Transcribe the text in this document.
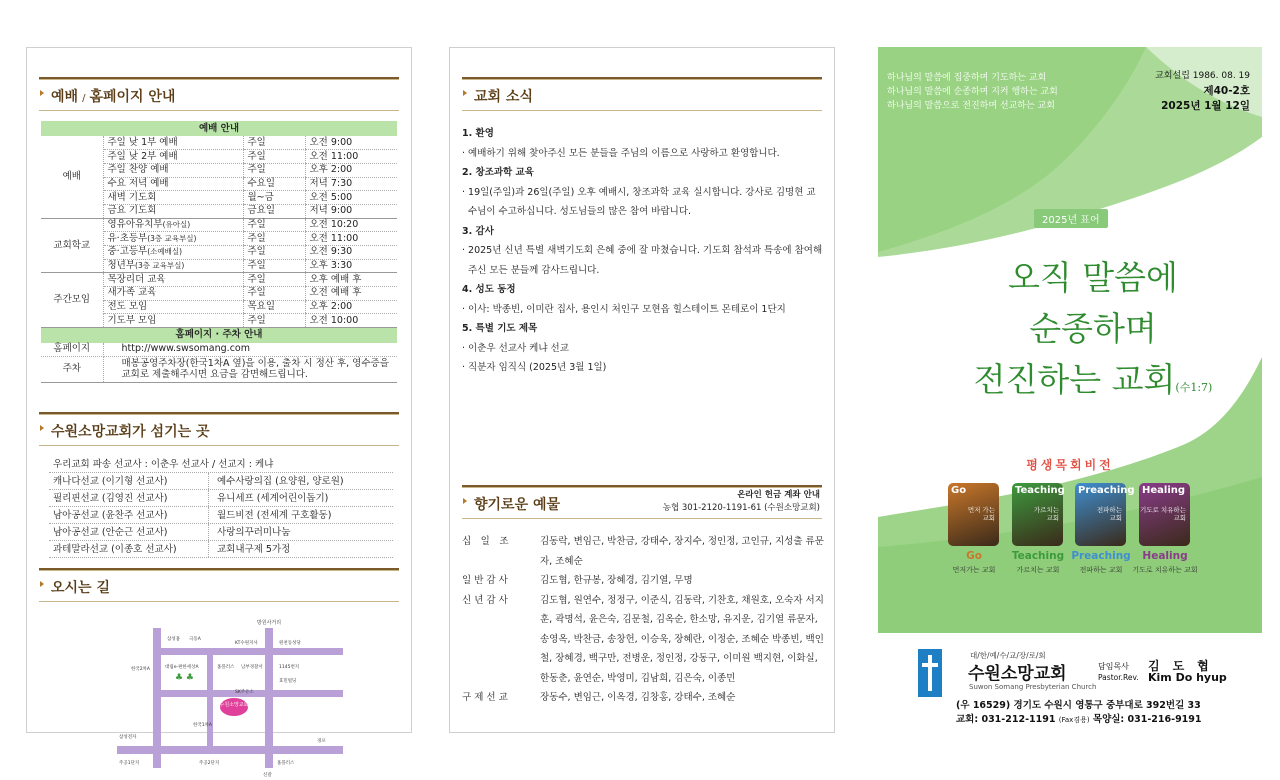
예배 / 홈페이지 안내
예배 안내			
예배	주일 낮 1부 예배	주일	오전 9:00
	주일 낮 2부 예배	주일	오전 11:00
	주일 찬양 예배	주일	오후 2:00
	수요 저녁 예배	수요일	저녁 7:30
	새벽 기도회	월~금	오전 5:00
	금요 기도회	금요일	저녁 9:00
교회학교	영유아유치부(유아실)	주일	오전 10:20
	유·초등부(3층 교육부실)	주일	오전 11:00
	중·고등부(소예배실)	주일	오전 9:30
	청년부(3층 교육부실)	주일	오후 3:30
주간모임	목장리더 교육	주일	오후 예배 후
	새가족 교육	주일	오전 예배 후
	전도 모임	목요일	오후 2:00
	기도부 모임	주일	오전 10:00
홈페이지 · 주차 안내			
홈페이지	http://www.swsomang.com		
주차	매봉공영주차장(한국1차A 옆)을 이용, 출차 시 정산 후, 영수증을 교회로 제출해주시면 요금을 감면해드립니다.		
수원소망교회가 섬기는 곳
우리교회 파송 선교사 : 이춘우 선교사 / 선교지 : 케냐
캐나다선교 (이기형 선교사)	예수사랑의집 (요양원, 양로원)
필리핀선교 (김영진 선교사)	유니세프 (세계어린이돕기)
남아공선교 (윤찬주 선교사)	월드비전 (전세계 구호활동)
남아공선교 (안순근 선교사)	사랑의꾸러미나눔
과테말라선교 (이종호 선교사)	교회내구제 5가정
오시는 길
수원소망교회
방원사거리
삼성홈 극동A
KT수원지사	원천동성당
한국2차A	대림e-편한세상A	홈플러스 남부경찰서	1145번지
효민빌딩
삼성전자
주공1단지	주공2단지
한국1차A
SK주유소
경포
홈플러스
신갈
♣ ♣
교회 소식
1. 환영
· 예배하기 위해 찾아주신 모든 분들을 주님의 이름으로 사랑하고 환영합니다.
2. 창조과학 교육
· 19일(주일)과 26일(주일) 오후 예배시, 창조과학 교육 실시합니다. 강사로 김명현 교수님이 수고하십니다. 성도님들의 많은 참여 바랍니다.
3. 감사
· 2025년 신년 특별 새벽기도회 은혜 중에 잘 마쳤습니다. 기도회 참석과 특송에 참여해 주신 모든 분들께 감사드립니다.
4. 성도 동정
· 이사: 박종빈, 이미란 집사, 용인시 처인구 모현읍 힐스테이트 몬테로이 1단지
5. 특별 기도 제목
· 이춘우 선교사 케냐 선교
· 직분자 임직식 (2025년 3월 1일)
향기로운 예물
온라인 헌금 계좌 안내
농협 301-2120-1191-61 (수원소망교회)
십　일　조	김동락, 변임근, 박찬금, 강태수, 장지수, 정인정, 고인규, 지성출 류문자, 조혜순
일 반 감 사	김도협, 한규봉, 장혜경, 김기열, 무명
신 년 감 사	김도협, 원연수, 정정구, 이준식, 김동락, 기찬호, 채원호, 오숙자 서지훈, 곽명석, 윤은숙, 김문철, 김옥순, 한소망, 유지운, 김기열 류문자, 송영옥, 박찬금, 송창헌, 이승욱, 장혜란, 이정순, 조혜순 박종빈, 백인철, 장혜경, 백구만, 전병운, 정인정, 강동구, 이미원 백지현, 이화실, 한동춘, 윤연순, 박영미, 김남희, 김은숙, 이종민
구 제 선 교	장동수, 변임근, 이옥경, 김창홍, 강태수, 조혜순
하나님의 말씀에 집중하며 기도하는 교회
하나님의 말씀에 순종하며 지켜 행하는 교회
하나님의 말씀으로 전진하며 선교하는 교회
교회설립 1986. 08. 19
제40-2호
2025년 1월 12일
2025년 표어
오직 말씀에
순종하며
전진하는 교회(수1:7)
평생목회비전
Go
먼저 가는
교회
Go
먼저가는 교회
Teaching
가르치는
교회
Teaching
가르치는 교회
Preaching
전파하는
교회
Preaching
전파하는 교회
Healing
기도로 치유하는
교회
Healing
기도로 치유하는 교회
대/한/예/수/교/장/로/회
수원소망교회
Suwon Somang Presbyterian Church
담임목사
Pastor.Rev.
김도협
Kim Do hyup
(우 16529) 경기도 수원시 영통구 중부대로 392번길 33
교회: 031-212-1191 (Fax겸용) 목양실: 031-216-9191
